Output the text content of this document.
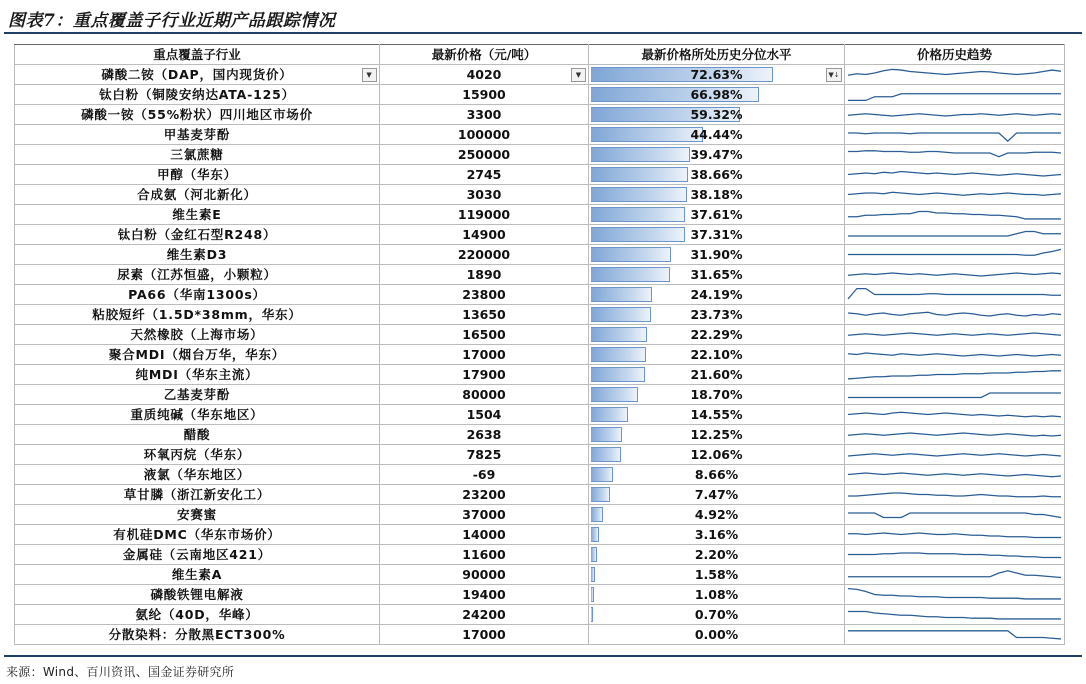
图表7：重点覆盖子行业近期产品跟踪情况
重点覆盖子行业	最新价格（元/吨）	最新价格所处历史分位水平	价格历史趋势
磷酸二铵（DAP，国内现货价） ▼	4020 ▼	72.63% ▼↓

钛白粉（铜陵安纳达ATA-125）	15900	66.98%

磷酸一铵（55%粉状）四川地区市场价	3300	59.32%

甲基麦芽酚	100000	44.44%

三氯蔗糖	250000	39.47%

甲醇（华东）	2745	38.66%

合成氨（河北新化）	3030	38.18%

维生素E	119000	37.61%

钛白粉（金红石型R248）	14900	37.31%

维生素D3	220000	31.90%

尿素（江苏恒盛，小颗粒）	1890	31.65%

PA66（华南1300s）	23800	24.19%

粘胶短纤（1.5D*38mm，华东）	13650	23.73%

天然橡胶（上海市场）	16500	22.29%

聚合MDI（烟台万华，华东）	17000	22.10%

纯MDI（华东主流）	17900	21.60%

乙基麦芽酚	80000	18.70%

重质纯碱（华东地区）	1504	14.55%

醋酸	2638	12.25%

环氧丙烷（华东）	7825	12.06%

液氯（华东地区）	-69	8.66%

草甘膦（浙江新安化工）	23200	7.47%

安赛蜜	37000	4.92%

有机硅DMC（华东市场价）	14000	3.16%

金属硅（云南地区421）	11600	2.20%

维生素A	90000	1.58%

磷酸铁锂电解液	19400	1.08%

氨纶（40D，华峰）	24200	0.70%

分散染料：分散黑ECT300%	17000	0.00%

来源：Wind、百川资讯、国金证券研究所
